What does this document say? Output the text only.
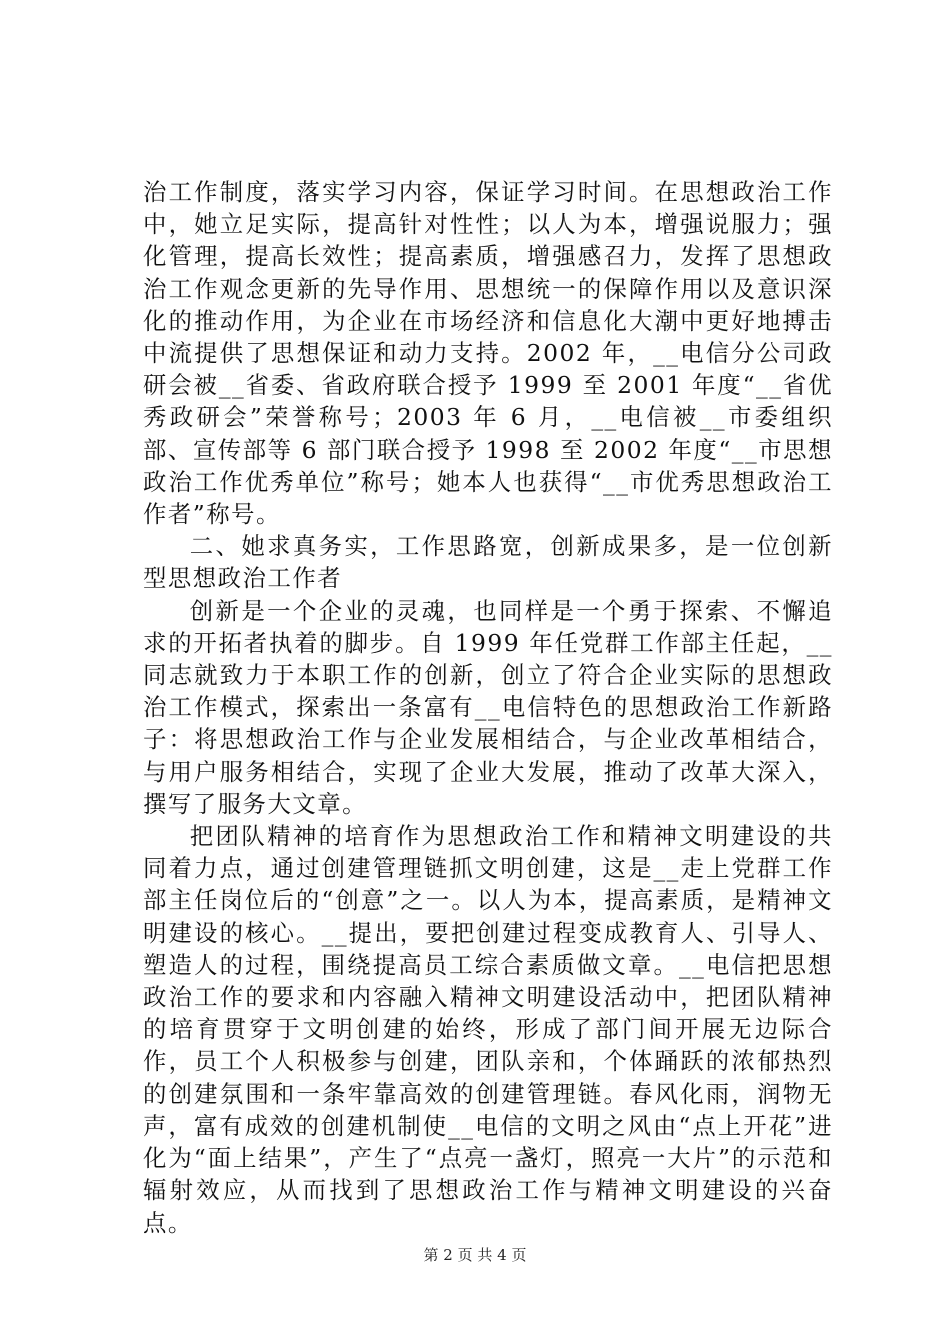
治工作制度，落实学习内容，保证学习时间。在思想政治工作中，她立足实际，提高针对性性；以人为本，增强说服力；强化管理，提高长效性；提高素质，增强感召力，发挥了思想政治工作观念更新的先导作用、思想统一的保障作用以及意识深化的推动作用，为企业在市场经济和信息化大潮中更好地搏击中流提供了思想保证和动力支持。2002 年，__电信分公司政研会被__省委、省政府联合授予 1999 至 2001 年度“__省优秀政研会”荣誉称号；2003 年 6 月，__电信被__市委组织部、宣传部等 6 部门联合授予 1998 至 2002 年度“__市思想政治工作优秀单位”称号；她本人也获得“__市优秀思想政治工作者”称号。

二、她求真务实，工作思路宽，创新成果多，是一位创新型思想政治工作者

创新是一个企业的灵魂，也同样是一个勇于探索、不懈追求的开拓者执着的脚步。自 1999 年任党群工作部主任起，__同志就致力于本职工作的创新，创立了符合企业实际的思想政治工作模式，探索出一条富有__电信特色的思想政治工作新路子：将思想政治工作与企业发展相结合，与企业改革相结合，与用户服务相结合，实现了企业大发展，推动了改革大深入，撰写了服务大文章。

把团队精神的培育作为思想政治工作和精神文明建设的共同着力点，通过创建管理链抓文明创建，这是__走上党群工作部主任岗位后的“创意”之一。以人为本，提高素质，是精神文明建设的核心。__提出，要把创建过程变成教育人、引导人、塑造人的过程，围绕提高员工综合素质做文章。__电信把思想政治工作的要求和内容融入精神文明建设活动中，把团队精神的培育贯穿于文明创建的始终，形成了部门间开展无边际合作，员工个人积极参与创建，团队亲和，个体踊跃的浓郁热烈的创建氛围和一条牢靠高效的创建管理链。春风化雨，润物无声，富有成效的创建机制使__电信的文明之风由“点上开花”进化为“面上结果”，产生了“点亮一盏灯，照亮一大片”的示范和辐射效应，从而找到了思想政治工作与精神文明建设的兴奋点。

第 2 页 共 4 页
